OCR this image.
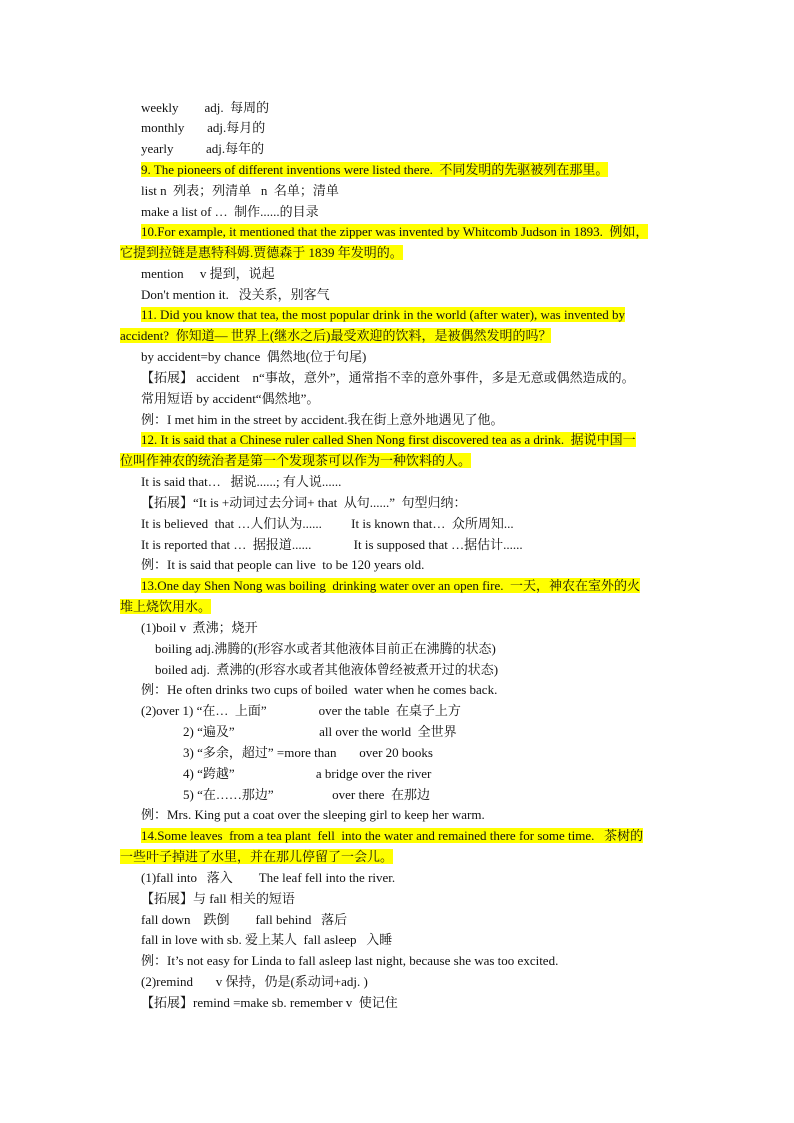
weekly        adj.  每周的
monthly       adj.每月的
yearly          adj.每年的
9. The pioneers of different inventions were listed there.  不同发明的先驱被列在那里。
list n  列表；列清单   n  名单；清单
make a list of …  制作......的目录
10.For example, it mentioned that the zipper was invented by Whitcomb Judson in 1893.  例如，
它提到拉链是惠特科姆.贾德森于 1839 年发明的。
mention     v 提到，说起
Don't mention it.   没关系，别客气
11. Did you know that tea, the most popular drink in the world (after water), was invented by
accident?  你知道— 世界上(继水之后)最受欢迎的饮料，是被偶然发明的吗？
by accident=by chance  偶然地(位于句尾)
【拓展】 accident    n“事故，意外”，通常指不幸的意外事件，多是无意或偶然造成的。
常用短语 by accident“偶然地”。
例：I met him in the street by accident.我在街上意外地遇见了他。
12. It is said that a Chinese ruler called Shen Nong first discovered tea as a drink.  据说中国一
位叫作神农的统治者是第一个发现茶可以作为一种饮料的人。
It is said that…   据说......; 有人说......
【拓展】“It is +动词过去分词+ that  从句......”  句型归纳：
It is believed  that …人们认为......         It is known that…  众所周知...
It is reported that …  据报道......             It is supposed that …据估计......
例：It is said that people can live  to be 120 years old.
13.One day Shen Nong was boiling  drinking water over an open fire.  一天，神农在室外的火
堆上烧饮用水。
(1)boil v  煮沸；烧开
boiling adj.沸腾的(形容水或者其他液体目前正在沸腾的状态)
boiled adj.  煮沸的(形容水或者其他液体曾经被煮开过的状态)
例：He often drinks two cups of boiled  water when he comes back.
(2)over 1) “在…  上面”                over the table  在桌子上方
2) “遍及”                          all over the world  全世界
3) “多余，超过” =more than       over 20 books
4) “跨越”                         a bridge over the river
5) “在……那边”                  over there  在那边
例：Mrs. King put a coat over the sleeping girl to keep her warm.
14.Some leaves  from a tea plant  fell  into the water and remained there for some time.   茶树的
一些叶子掉进了水里，并在那儿停留了一会儿。
(1)fall into   落入        The leaf fell into the river.
【拓展】与 fall 相关的短语
fall down    跌倒        fall behind   落后
fall in love with sb. 爱上某人  fall asleep   入睡
例：It’s not easy for Linda to fall asleep last night, because she was too excited.
(2)remind       v 保持，仍是(系动词+adj. )
【拓展】remind =make sb. remember v  使记住
